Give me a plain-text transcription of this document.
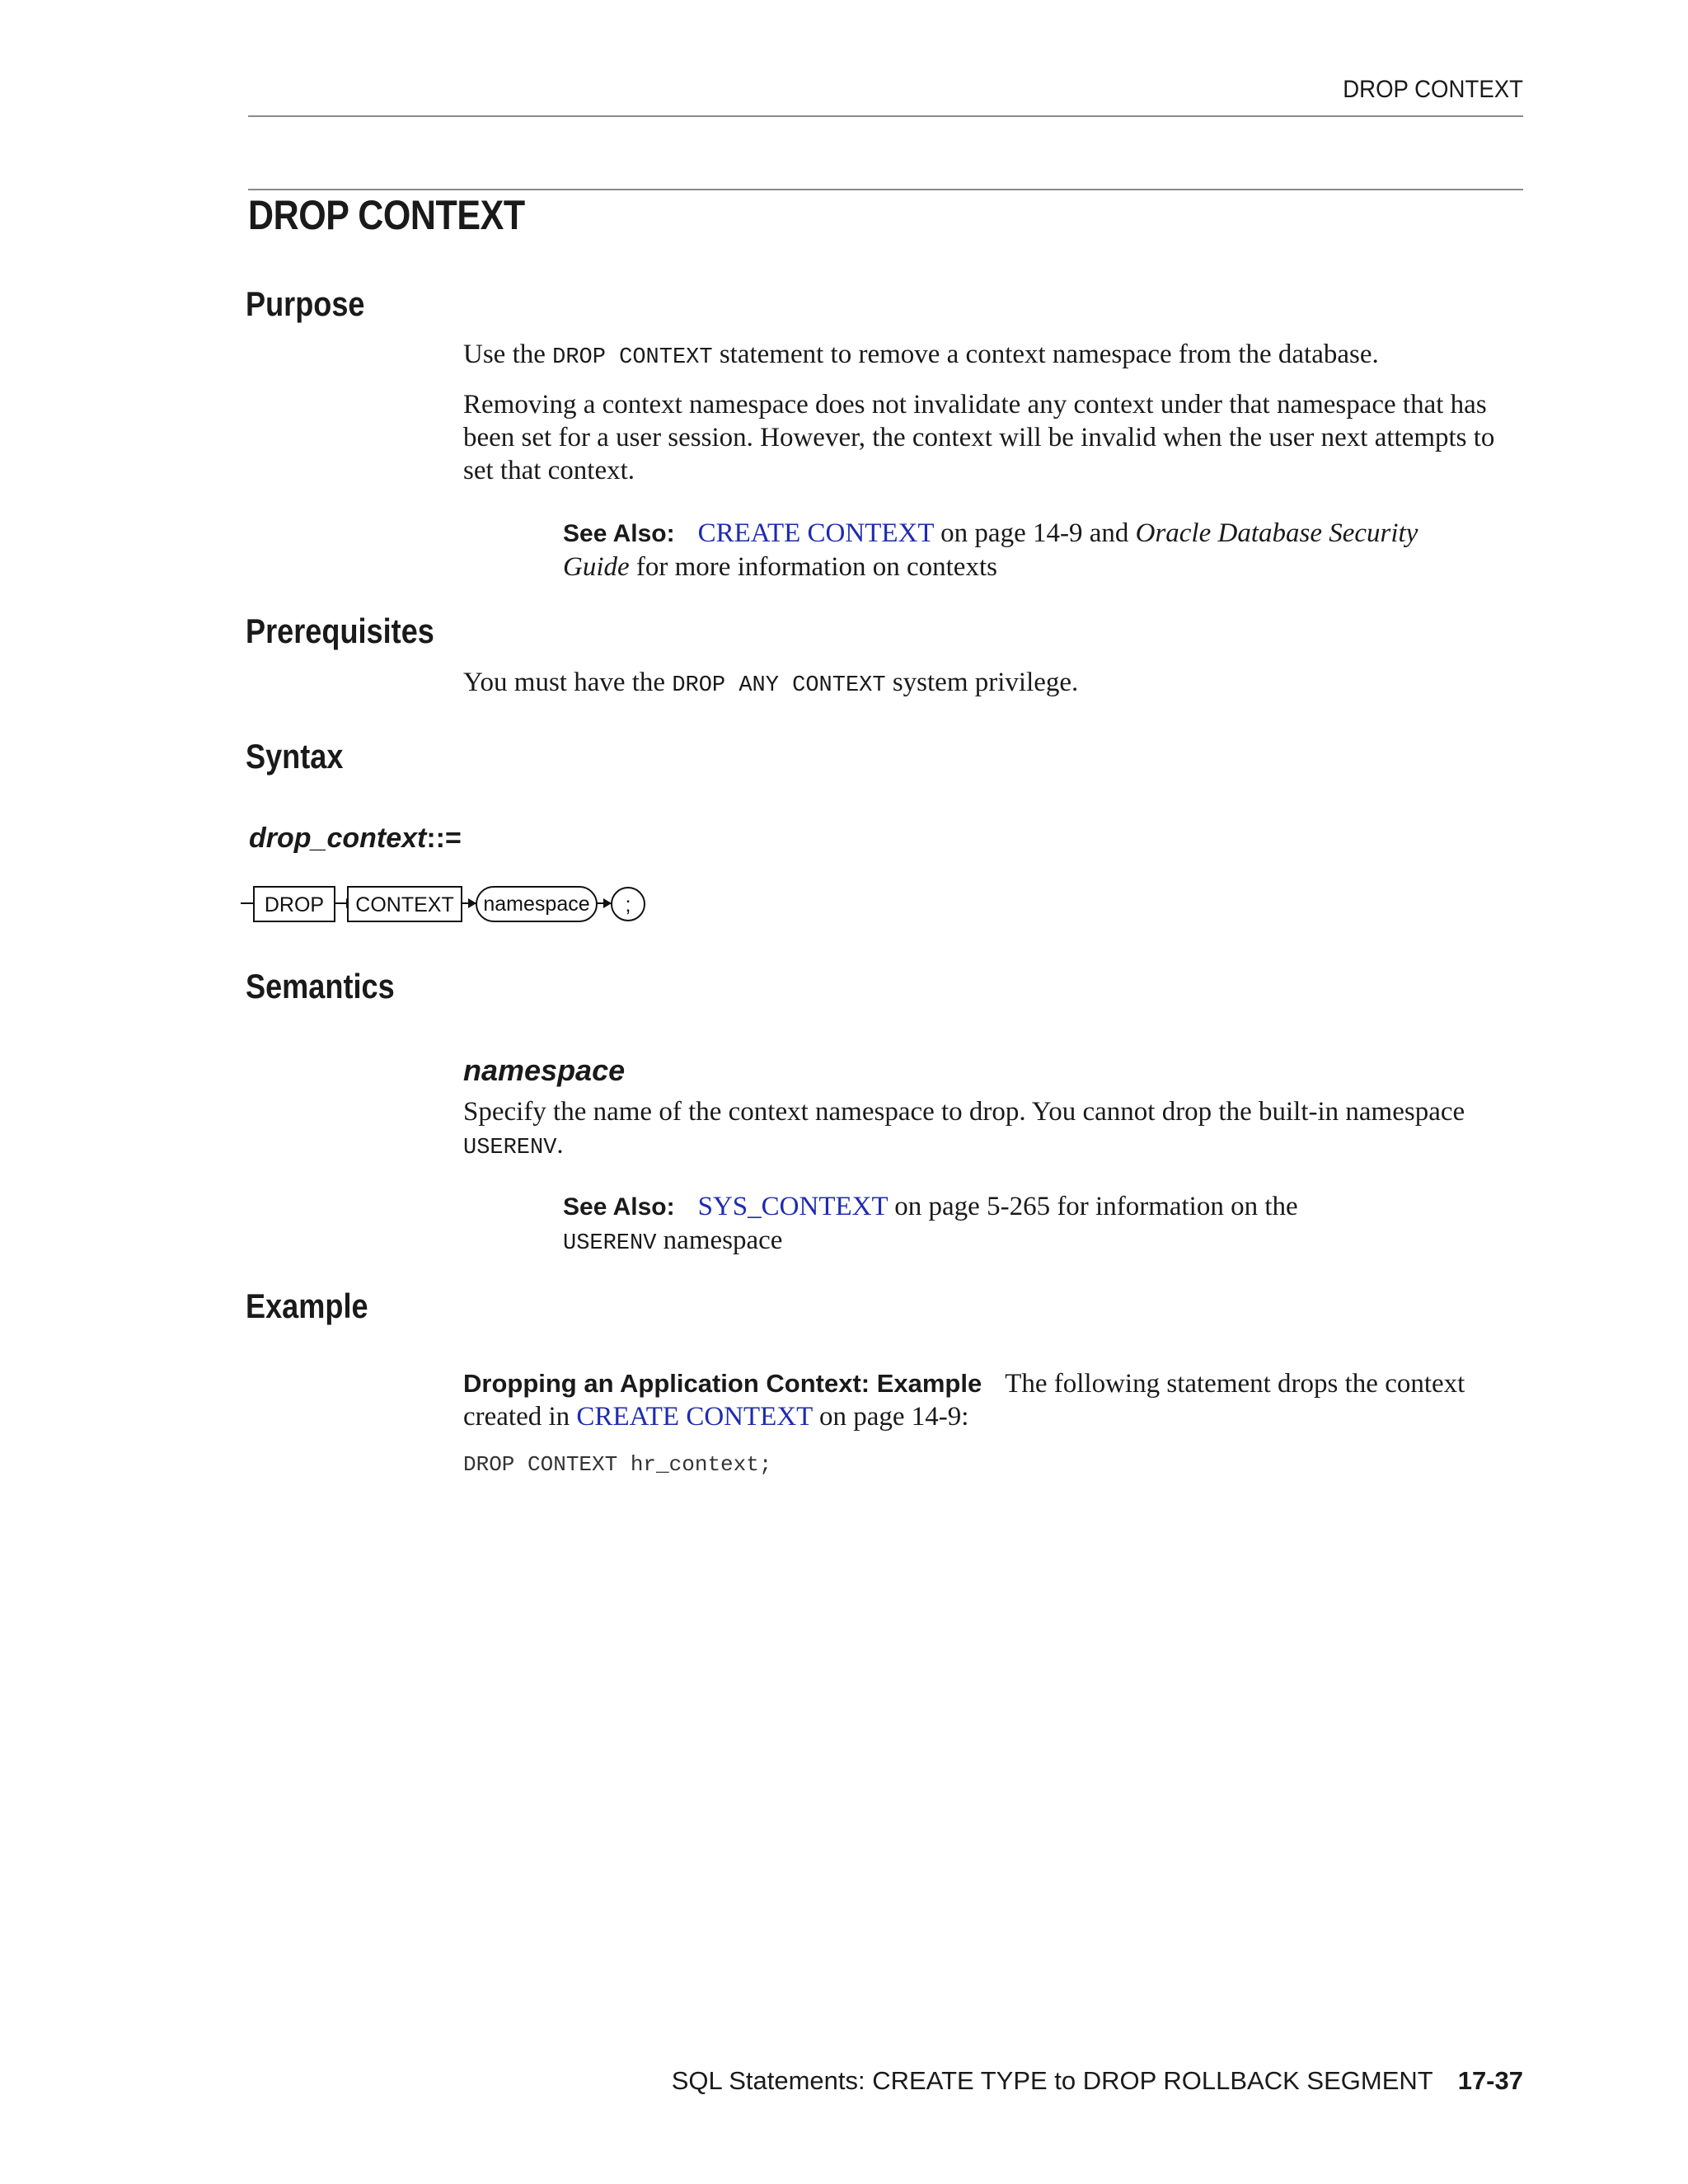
DROP CONTEXT
DROP CONTEXT
Purpose

Use the DROP CONTEXT statement to remove a context namespace from the database.

Removing a context namespace does not invalidate any context under that namespace that has been set for a user session. However, the context will be invalid when the user next attempts to set that context.

See Also: CREATE CONTEXT on page 14-9 and Oracle Database Security Guide for more information on contexts

Prerequisites

You must have the DROP ANY CONTEXT system privilege.

Syntax

drop_context::=

DROP CONTEXT namespace ;
Semantics
namespace

Specify the name of the context namespace to drop. You cannot drop the built-in namespace USERENV.

See Also: SYS_CONTEXT on page 5-265 for information on the
USERENV namespace

Example

Dropping an Application Context: Example The following statement drops the context created in CREATE CONTEXT on page 14-9:

DROP CONTEXT hr_context;
SQL Statements: CREATE TYPE to DROP ROLLBACK SEGMENT 17-37
